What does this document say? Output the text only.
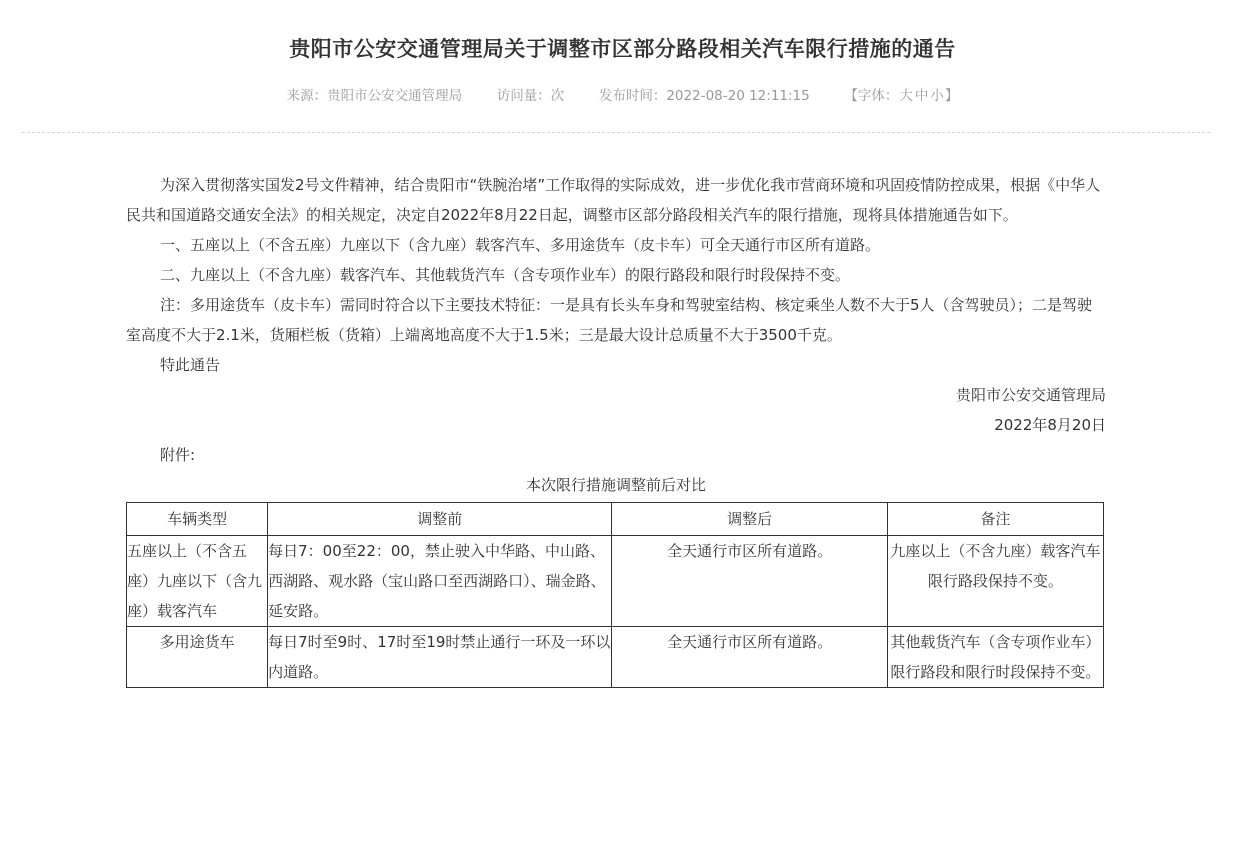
贵阳市公安交通管理局关于调整市区部分路段相关汽车限行措施的通告
来源：贵阳市公安交通管理局	访问量：次	发布时间：2022-08-20 12:11:15	【字体：大 中 小】

为深入贯彻落实国发2号文件精神，结合贵阳市“铁腕治堵”工作取得的实际成效，进一步优化我市营商环境和巩固疫情防控成果，根据《中华人民共和国道路交通安全法》的相关规定，决定自2022年8月22日起，调整市区部分路段相关汽车的限行措施，现将具体措施通告如下。

一、五座以上（不含五座）九座以下（含九座）载客汽车、多用途货车（皮卡车）可全天通行市区所有道路。

二、九座以上（不含九座）载客汽车、其他载货汽车（含专项作业车）的限行路段和限行时段保持不变。

注：多用途货车（皮卡车）需同时符合以下主要技术特征：一是具有长头车身和驾驶室结构、核定乘坐人数不大于5人（含驾驶员）；二是驾驶室高度不大于2.1米，货厢栏板（货箱）上端离地高度不大于1.5米；三是最大设计总质量不大于3500千克。

特此通告

贵阳市公安交通管理局

2022年8月20日

附件:

本次限行措施调整前后对比

车辆类型	调整前	调整后	备注
五座以上（不含五座）九座以下（含九座）载客汽车	每日7：00至22：00，禁止驶入中华路、中山路、西湖路、观水路（宝山路口至西湖路口）、瑞金路、延安路。	全天通行市区所有道路。	九座以上（不含九座）载客汽车限行路段保持不变。
多用途货车	每日7时至9时、17时至19时禁止通行一环及一环以内道路。	全天通行市区所有道路。	其他载货汽车（含专项作业车）限行路段和限行时段保持不变。
